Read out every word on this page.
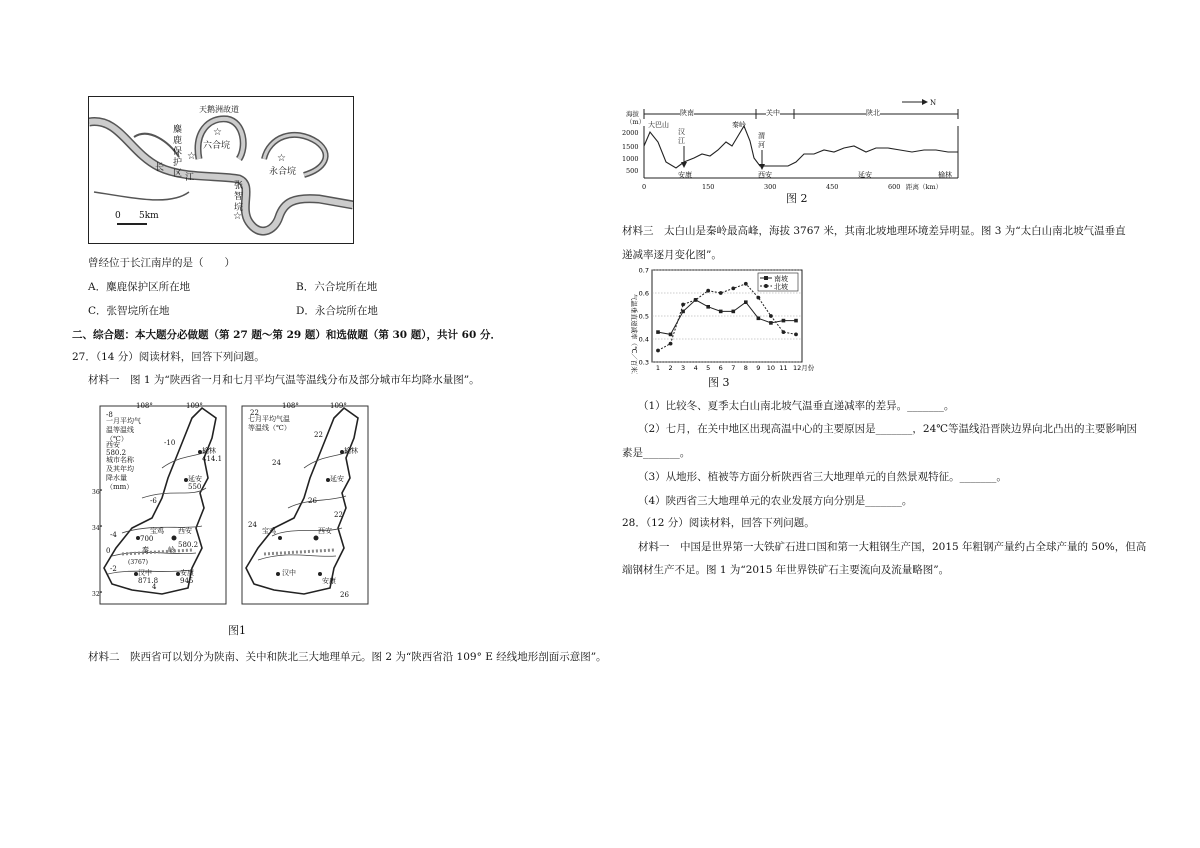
天鹅洲故道
麋鹿保护区
☆
六合垸
☆
张智垸
☆
永合垸
☆
长
江
0 5km
曾经位于长江南岸的是（　　）
A．麋鹿保护区所在地	B．六合垸所在地
C．张智垸所在地	D．永合垸所在地
二、综合题：本大题分必做题（第 27 题～第 29 题）和选做题（第 30 题），共计 60 分．
27．（14 分）阅读材料，回答下列问题。
材料一　图 1 为“陕西省一月和七月平均气温等温线分布及部分城市年均降水量图”。
108°	109°
-8
一月平均气温等温线（℃）
西安
580.2
城市名称及其年均降水量（mm）
-10
榆林
414.1
延安
550
-6
宝鸡
700
西安
580.2
-4
0	秦	岭
(3767)
-2	汉中
871.8
安康
945
4
36°
34°
32°
108°	109°
22
七月平均气温等温线（℃）
22
榆林
24
延安
26
宝鸡	西安
24
22
汉中
安康
26
图1
材料二　陕西省可以划分为陕南、关中和陕北三大地理单元。图 2 为“陕西省沿 109° E 经线地形剖面示意图”。
陕南	关中	陕北
N
海拔（m）
2000
1500
1000
500
0	150	300	450	600 距离（km）
大巴山
汉江
秦岭
渭河
安康	西安	延安	榆林
图 2
材料三　太白山是秦岭最高峰，海拔 3767 米，其南北坡地理环境差异明显。图 3 为“太白山南北坡气温垂直
递减率逐月变化图”。
0.7
0.6
0.5
0.4
0.3
1 2 3 4 5 6 7 8 9 10 11 12月份
南坡
北坡
气温垂直递减率（℃／百米）
图 3
（1）比较冬、夏季太白山南北坡气温垂直递减率的差异。_______。
（2）七月，在关中地区出现高温中心的主要原因是_______，24℃等温线沿晋陕边界向北凸出的主要影响因
素是_______。
（3）从地形、植被等方面分析陕西省三大地理单元的自然景观特征。_______。
（4）陕西省三大地理单元的农业发展方向分别是_______。
28．（12 分）阅读材料，回答下列问题。
材料一　中国是世界第一大铁矿石进口国和第一大粗钢生产国，2015 年粗钢产量约占全球产量的 50%，但高
端钢材生产不足。图 1 为“2015 年世界铁矿石主要流向及流量略图”。
